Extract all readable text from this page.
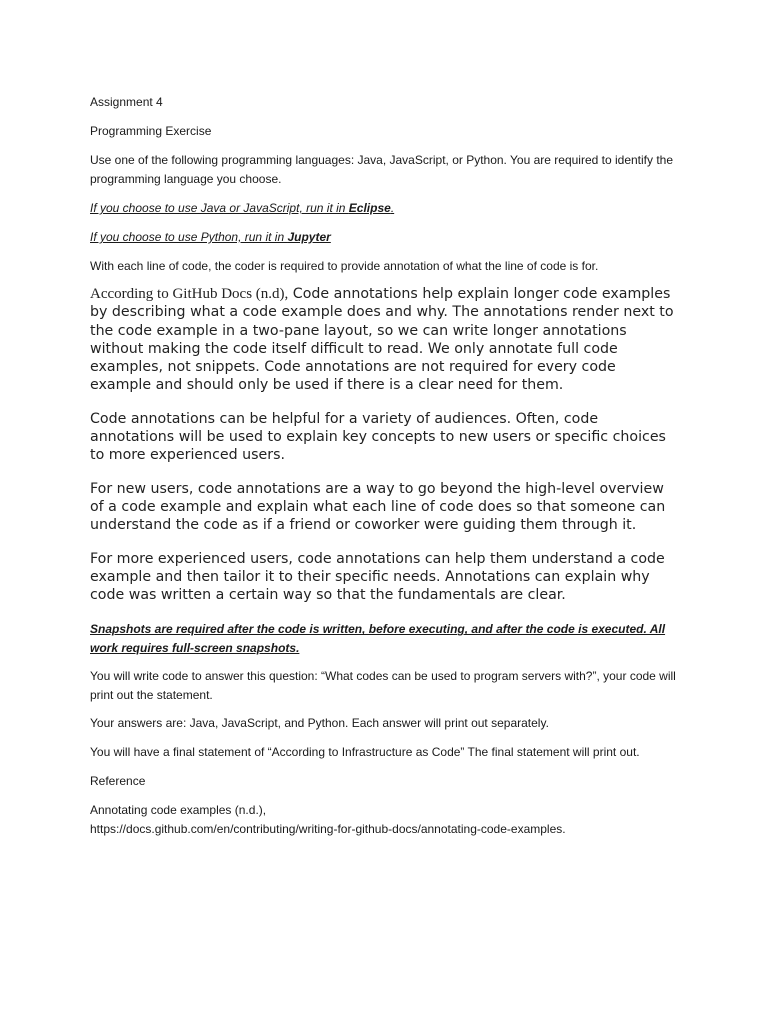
Assignment 4

Programming Exercise

Use one of the following programming languages: Java, JavaScript, or Python. You are required to identify the programming language you choose.

If you choose to use Java or JavaScript, run it in Eclipse.

If you choose to use Python, run it in Jupyter

With each line of code, the coder is required to provide annotation of what the line of code is for.

According to GitHub Docs (n.d), Code annotations help explain longer code examples by describing what a code example does and why. The annotations render next to the code example in a two-pane layout, so we can write longer annotations without making the code itself difficult to read. We only annotate full code examples, not snippets. Code annotations are not required for every code example and should only be used if there is a clear need for them.

Code annotations can be helpful for a variety of audiences. Often, code annotations will be used to explain key concepts to new users or specific choices to more experienced users.

For new users, code annotations are a way to go beyond the high-level overview of a code example and explain what each line of code does so that someone can understand the code as if a friend or coworker were guiding them through it.

For more experienced users, code annotations can help them understand a code example and then tailor it to their specific needs. Annotations can explain why code was written a certain way so that the fundamentals are clear.

Snapshots are required after the code is written, before executing, and after the code is executed. All work requires full-screen snapshots.

You will write code to answer this question: “What codes can be used to program servers with?”, your code will print out the statement.

Your answers are: Java, JavaScript, and Python. Each answer will print out separately.

You will have a final statement of “According to Infrastructure as Code” The final statement will print out.

Reference

Annotating code examples (n.d.),

https://docs.github.com/en/contributing/writing-for-github-docs/annotating-code-examples.
